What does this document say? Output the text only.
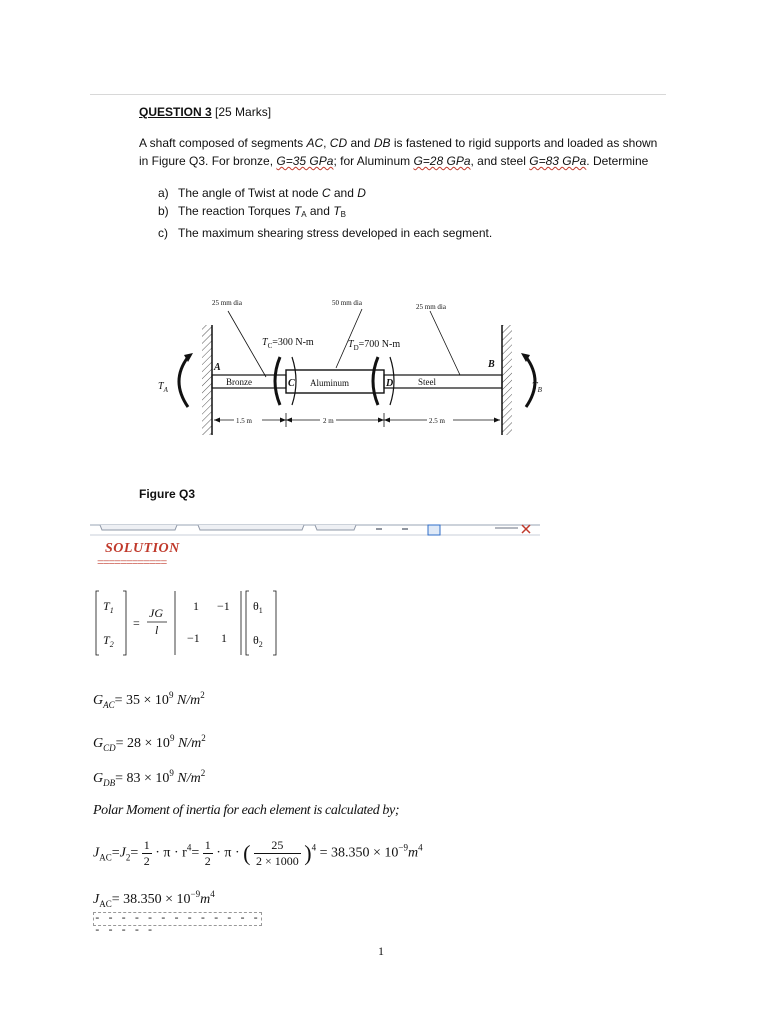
QUESTION 3 [25 Marks]
A shaft composed of segments AC, CD and DB is fastened to rigid supports and loaded as shown
in Figure Q3. For bronze, G=35 GPa; for Aluminum G=28 GPa, and steel G=83 GPa. Determine
a) The angle of Twist at node C and D
b) The reaction Torques $T_A$ and $T_B$
c) The maximum shearing stress developed in each segment.
25 mm dia	50 mm dia	25 mm dia
$T_C=300$ N-m	$T_D=700$ N-m
A	B
C	D
Bronze	Aluminum	Steel
$T_A$	$T_B$
1.5 m	2 m	2.5 m
Figure Q3
SOLUTION
============
$T_1$
$T_2$
=
JG
l
1 −1
−1 1
$\theta_1$
$\theta_2$
$G_{AC}= 35 \times 10^9$ $N/m^2$
$G_{CD}= 28 \times 10^9$ $N/m^2$
$G_{DB}= 83 \times 10^9$ $N/m^2$
Polar Moment of inertia for each element is calculated by;
$J_{AC}=J_2= \frac{1}{2} \cdot \pi \cdot r^4= \frac{1}{2} \cdot \pi$ · ( $\frac{25}{2 \times 1000} )^4 = 38.350 \times 10^{-9}m^4$
$J_{AC}= 38.350 \times 10^{-9}m^4$
- - - - - - - - - - - - - - - - - -
1
